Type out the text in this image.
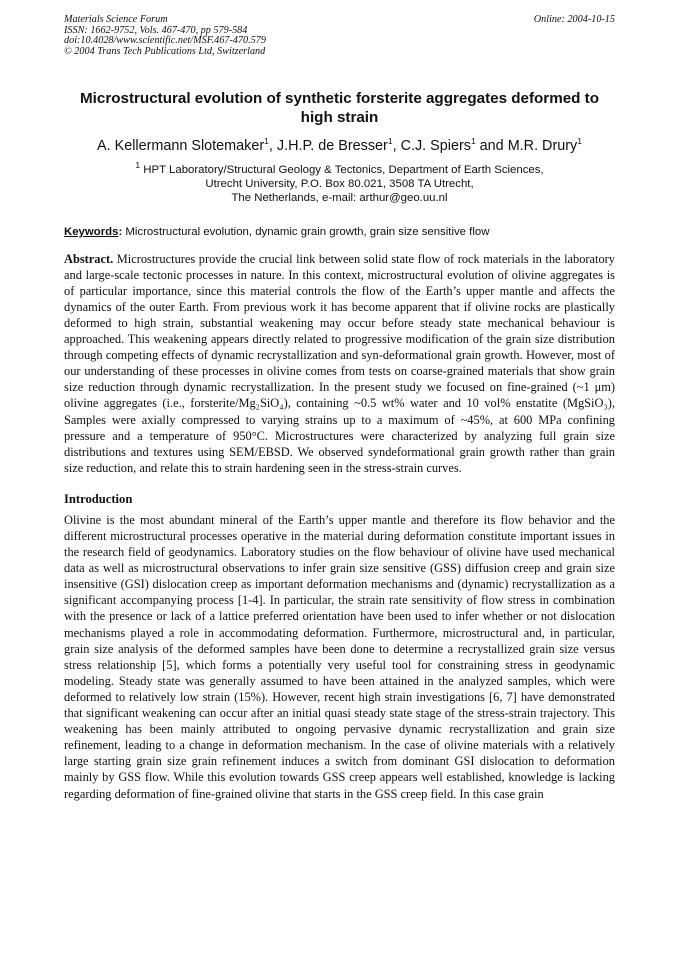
Materials Science Forum
ISSN: 1662-9752, Vols. 467-470, pp 579-584
doi:10.4028/www.scientific.net/MSF.467-470.579
© 2004 Trans Tech Publications Ltd, Switzerland
Online: 2004-10-15
Microstructural evolution of synthetic forsterite aggregates deformed to high strain
A. Kellermann Slotemaker$^1$, J.H.P. de Bresser$^1$, C.J. Spiers$^1$ and M.R. Drury$^1$
$^1$ HPT Laboratory/Structural Geology & Tectonics, Department of Earth Sciences,
Utrecht University, P.O. Box 80.021, 3508 TA Utrecht,
The Netherlands, e-mail: arthur@geo.uu.nl
Keywords: Microstructural evolution, dynamic grain growth, grain size sensitive flow
Abstract. Microstructures provide the crucial link between solid state flow of rock materials in the laboratory and large-scale tectonic processes in nature. In this context, microstructural evolution of olivine aggregates is of particular importance, since this material controls the flow of the Earth’s upper mantle and affects the dynamics of the outer Earth. From previous work it has become apparent that if olivine rocks are plastically deformed to high strain, substantial weakening may occur before steady state mechanical behaviour is approached. This weakening appears directly related to progressive modification of the grain size distribution through competing effects of dynamic recrystallization and syn-deformational grain growth. However, most of our understanding of these processes in olivine comes from tests on coarse-grained materials that show grain size reduction through dynamic recrystallization. In the present study we focused on fine-grained (~1 μm) olivine aggregates (i.e., forsterite/Mg₂SiO₄), containing ~0.5 wt% water and 10 vol% enstatite (MgSiO₃), Samples were axially compressed to varying strains up to a maximum of ~45%, at 600 MPa confining pressure and a temperature of 950°C. Microstructures were characterized by analyzing full grain size distributions and textures using SEM/EBSD. We observed syndeformational grain growth rather than grain size reduction, and relate this to strain hardening seen in the stress-strain curves.
Introduction
Olivine is the most abundant mineral of the Earth’s upper mantle and therefore its flow behavior and the different microstructural processes operative in the material during deformation constitute important issues in the research field of geodynamics. Laboratory studies on the flow behaviour of olivine have used mechanical data as well as microstructural observations to infer grain size sensitive (GSS) diffusion creep and grain size insensitive (GSI) dislocation creep as important deformation mechanisms and (dynamic) recrystallization as a significant accompanying process [1-4]. In particular, the strain rate sensitivity of flow stress in combination with the presence or lack of a lattice preferred orientation have been used to infer whether or not dislocation mechanisms played a role in accommodating deformation. Furthermore, microstructural and, in particular, grain size analysis of the deformed samples have been done to determine a recrystallized grain size versus stress relationship [5], which forms a potentially very useful tool for constraining stress in geodynamic modeling. Steady state was generally assumed to have been attained in the analyzed samples, which were deformed to relatively low strain (15%). However, recent high strain investigations [6, 7] have demonstrated that significant weakening can occur after an initial quasi steady state stage of the stress-strain trajectory. This weakening has been mainly attributed to ongoing pervasive dynamic recrystallization and grain size refinement, leading to a change in deformation mechanism. In the case of olivine materials with a relatively large starting grain size grain refinement induces a switch from dominant GSI dislocation to deformation mainly by GSS flow. While this evolution towards GSS creep appears well established, knowledge is lacking regarding deformation of fine-grained olivine that starts in the GSS creep field. In this case grain
